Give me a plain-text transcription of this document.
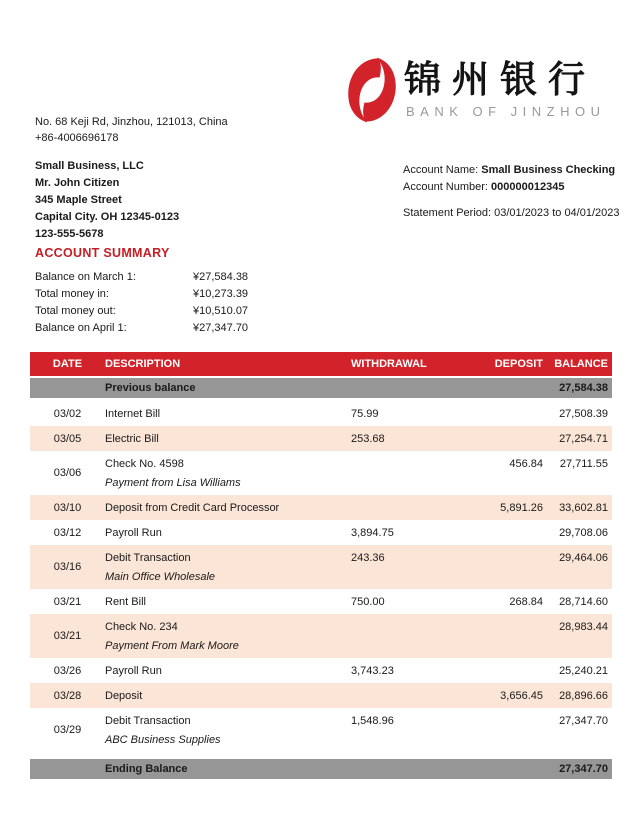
锦州银行
BANK OF JINZHOU
No. 68 Keji Rd, Jinzhou, 121013, China
+86-4006696178
Small Business, LLC
Mr. John Citizen
345 Maple Street
Capital City. OH 12345-0123
123-555-5678
Account Name: Small Business Checking
Account Number: 000000012345
Statement Period: 03/01/2023 to 04/01/2023
ACCOUNT SUMMARY
Balance on March 1:	¥27,584.38
Total money in:	¥10,273.39
Total money out:	¥10,510.07
Balance on April 1:	¥27,347.70
DATE	DESCRIPTION	WITHDRAWAL	DEPOSIT	BALANCE
	Previous balance			27,584.38
03/02	Internet Bill	75.99		27,508.39
03/05	Electric Bill	253.68		27,254.71
03/06	Check No. 4598
Payment from Lisa Williams		456.84	27,711.55
03/10	Deposit from Credit Card Processor		5,891.26	33,602.81
03/12	Payroll Run	3,894.75		29,708.06
03/16	Debit Transaction
Main Office Wholesale	243.36		29,464.06
03/21	Rent Bill	750.00	268.84	28,714.60
03/21	Check No. 234
Payment From Mark Moore			28,983.44
03/26	Payroll Run	3,743.23		25,240.21
03/28	Deposit		3,656.45	28,896.66
03/29	Debit Transaction
ABC Business Supplies	1,548.96		27,347.70
	Ending Balance			27,347.70
